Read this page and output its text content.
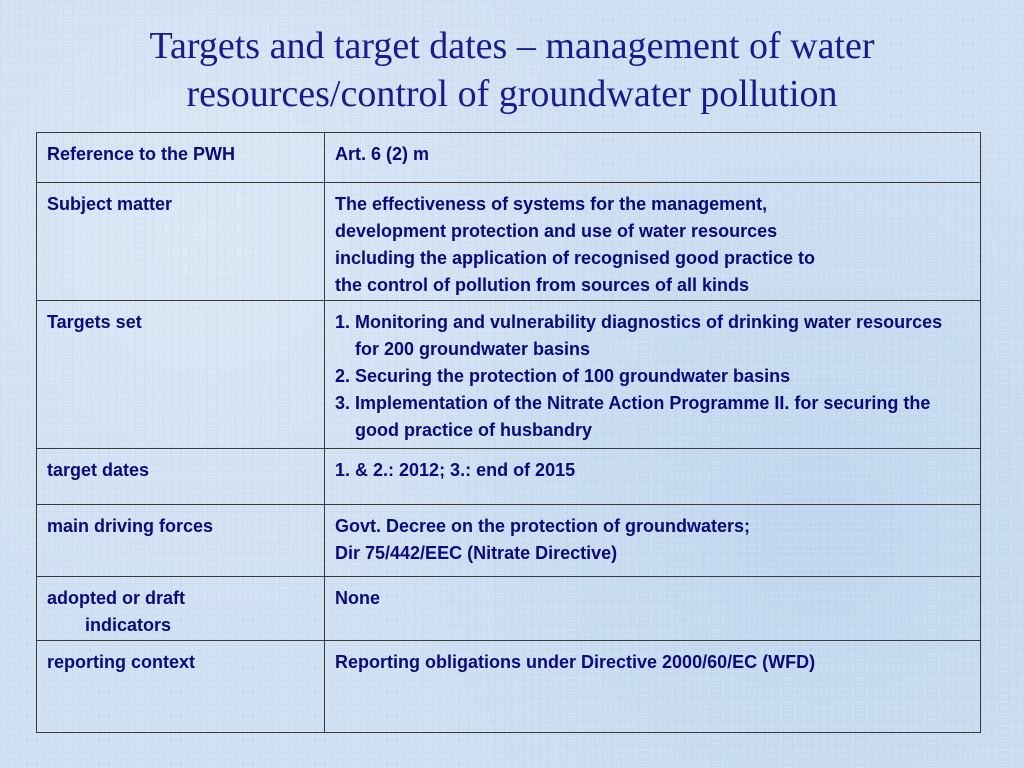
Targets and target dates – management of water
resources/control of groundwater pollution
Reference to the PWH	Art. 6 (2) m
Subject matter	The effectiveness of systems for the management,
development protection and use of water resources
including the application of recognised good practice to
the control of pollution from sources of all kinds

Targets set	1. Monitoring and vulnerability diagnostics of drinking water resources for 200 groundwater basins
2. Securing the protection of 100 groundwater basins
3. Implementation of the Nitrate Action Programme II. for securing the good practice of husbandry

target dates	1. & 2.: 2012; 3.: end of 2015
main driving forces	Govt. Decree on the protection of groundwaters;
Dir 75/442/EEC (Nitrate Directive)

adopted or draft
indicators	None
reporting context	Reporting obligations under Directive 2000/60/EC (WFD)
